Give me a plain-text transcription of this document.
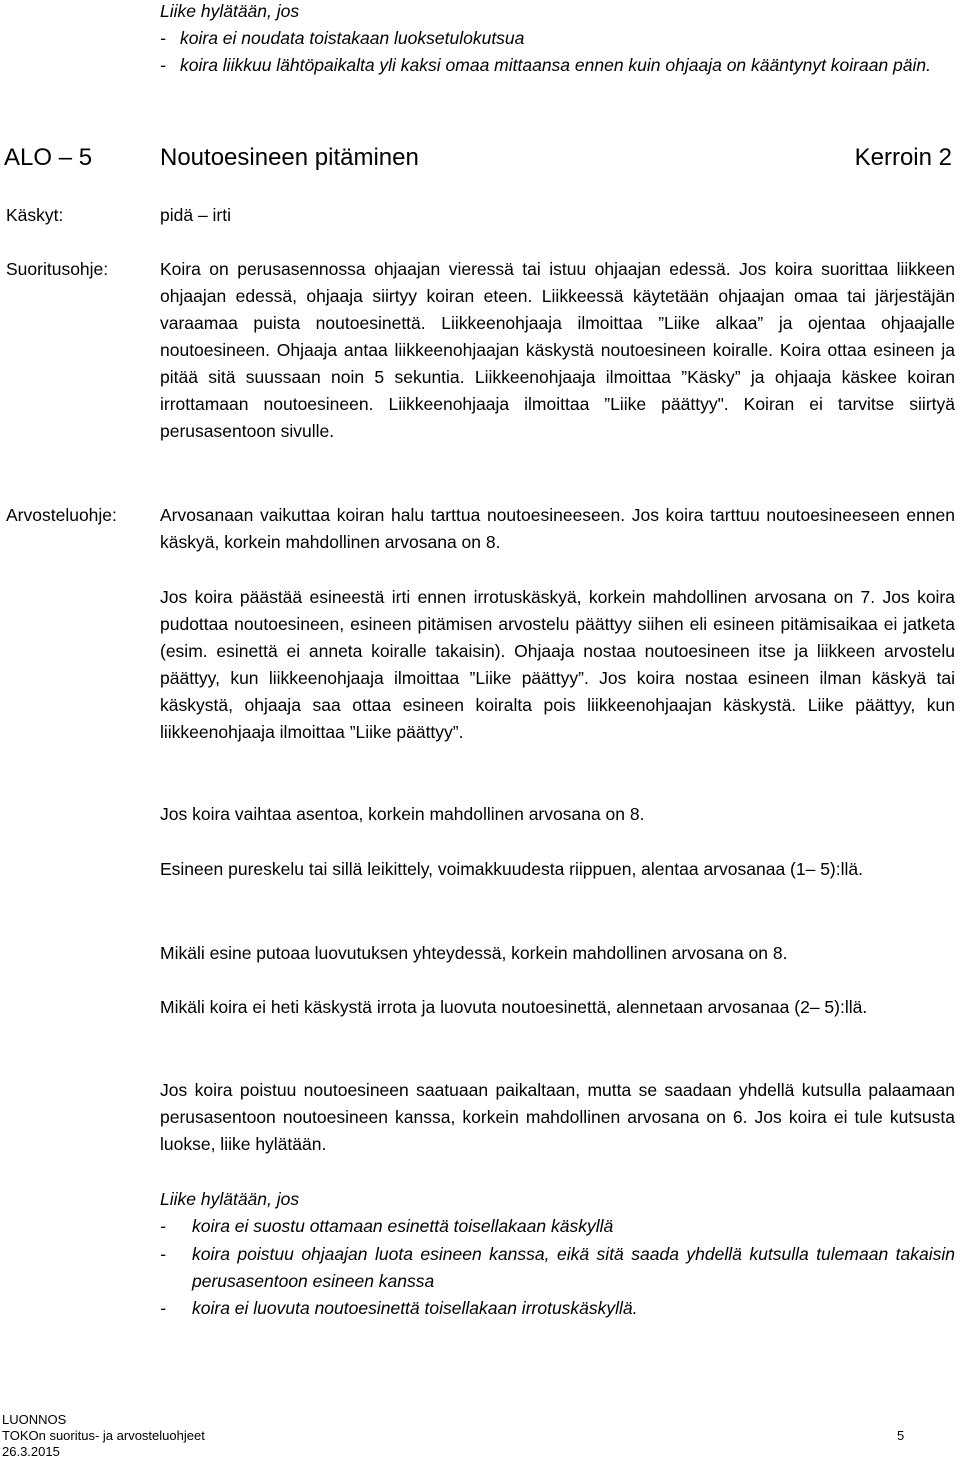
Liike hylätään, jos
- koira ei noudata toistakaan luoksetulokutsua
- koira liikkuu lähtöpaikalta yli kaksi omaa mittaansa ennen kuin ohjaaja on kääntynyt koiraan päin.
ALO – 5	Noutoesineen pitäminen	Kerroin 2
Käskyt:	pidä – irti
Suoritusohje:	Koira on perusasennossa ohjaajan vieressä tai istuu ohjaajan edessä. Jos koira suorittaa liikkeen ohjaajan edessä, ohjaaja siirtyy koiran eteen. Liikkeessä käytetään ohjaajan omaa tai järjestäjän varaamaa puista noutoesinettä. Liikkeenohjaaja ilmoittaa ”Liike alkaa” ja ojentaa ohjaajalle noutoesineen. Ohjaaja antaa liikkeenohjaajan käskystä noutoesineen koiralle. Koira ottaa esineen ja pitää sitä suussaan noin 5 sekuntia. Liikkeenohjaaja ilmoittaa ”Käsky” ja ohjaaja käskee koiran irrottamaan noutoesineen. Liikkeenohjaaja ilmoittaa ”Liike päättyy". Koiran ei tarvitse siirtyä perusasentoon sivulle.
Arvosteluohje: Arvosanaan vaikuttaa koiran halu tarttua noutoesineeseen. Jos koira tarttuu noutoesineeseen ennen käskyä, korkein mahdollinen arvosana on 8.
Jos koira päästää esineestä irti ennen irrotuskäskyä, korkein mahdollinen arvosana on 7. Jos koira pudottaa noutoesineen, esineen pitämisen arvostelu päättyy siihen eli esineen pitämisaikaa ei jatketa (esim. esinettä ei anneta koiralle takaisin). Ohjaaja nostaa noutoesineen itse ja liikkeen arvostelu päättyy, kun liikkeenohjaaja ilmoittaa ”Liike päättyy”. Jos koira nostaa esineen ilman käskyä tai käskystä, ohjaaja saa ottaa esineen koiralta pois liikkeenohjaajan käskystä. Liike päättyy, kun liikkeenohjaaja ilmoittaa ”Liike päättyy”.
Jos koira vaihtaa asentoa, korkein mahdollinen arvosana on 8.
Esineen pureskelu tai sillä leikittely, voimakkuudesta riippuen, alentaa arvosanaa (1– 5):llä.
Mikäli esine putoaa luovutuksen yhteydessä, korkein mahdollinen arvosana on 8.
Mikäli koira ei heti käskystä irrota ja luovuta noutoesinettä, alennetaan arvosanaa (2– 5):llä.
Jos koira poistuu noutoesineen saatuaan paikaltaan, mutta se saadaan yhdellä kutsulla palaamaan perusasentoon noutoesineen kanssa, korkein mahdollinen arvosana on 6. Jos koira ei tule kutsusta luokse, liike hylätään.
Liike hylätään, jos
- koira ei suostu ottamaan esinettä toisellakaan käskyllä
- koira poistuu ohjaajan luota esineen kanssa, eikä sitä saada yhdellä kutsulla tulemaan takaisin perusasentoon esineen kanssa
- koira ei luovuta noutoesinettä toisellakaan irrotuskäskyllä.
LUONNOS
TOKOn suoritus- ja arvosteluohjeet
26.3.2015
5
